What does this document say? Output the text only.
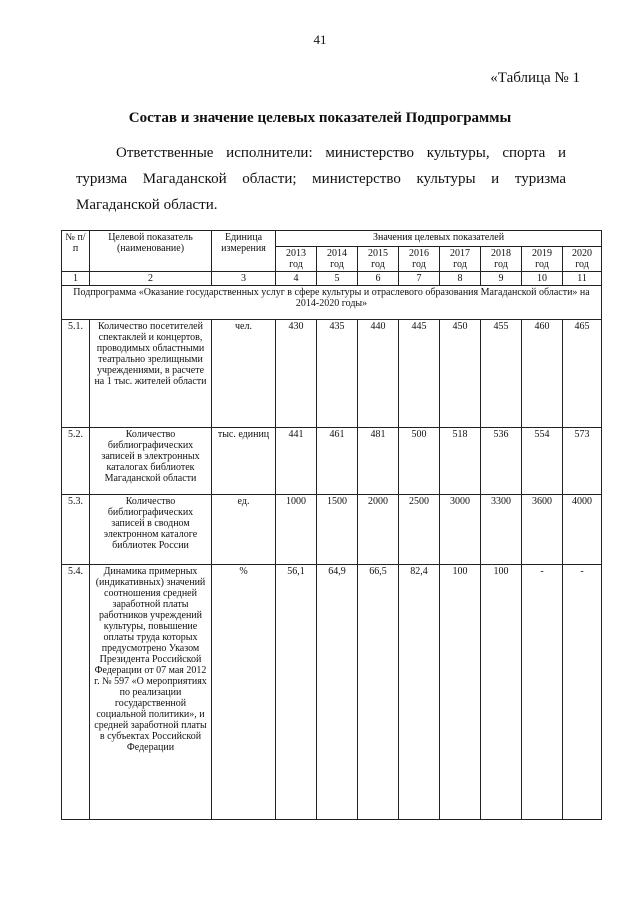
41
«Таблица № 1
Состав и значение целевых показателей Подпрограммы
Ответственные исполнители: министерство культуры, спорта и туризма Магаданской области; министерство культуры и туризма Магаданской области.
№ п/п	Целевой показатель (наименование)	Единица измерения	Значения целевых показателей							
			2013 год	2014 год	2015 год	2016 год	2017 год	2018 год	2019 год	2020 год
1	2	3	4	5	6	7	8	9	10	11
Подпрограмма «Оказание государственных услуг в сфере культуры и отраслевого образования Магаданской области» на 2014-2020 годы»										
5.1.	Количество посетителей спектаклей и концертов, проводимых областными театрально зрелищными учреждениями, в расчете на 1 тыс. жителей области	чел.	430	435	440	445	450	455	460	465
5.2.	Количество библиографических записей в электронных каталогах библиотек Магаданской области	тыс. единиц	441	461	481	500	518	536	554	573
5.3.	Количество библиографических записей в сводном электронном каталоге библиотек России	ед.	1000	1500	2000	2500	3000	3300	3600	4000
5.4.	Динамика примерных (индикативных) значений соотношения средней заработной платы работников учреждений культуры, повышение оплаты труда которых предусмотрено Указом Президента Российской Федерации от 07 мая 2012 г. № 597 «О мероприятиях по реализации государственной социальной политики», и средней заработной платы в субъектах Российской Федерации	%	56,1	64,9	66,5	82,4	100	100	-	-
